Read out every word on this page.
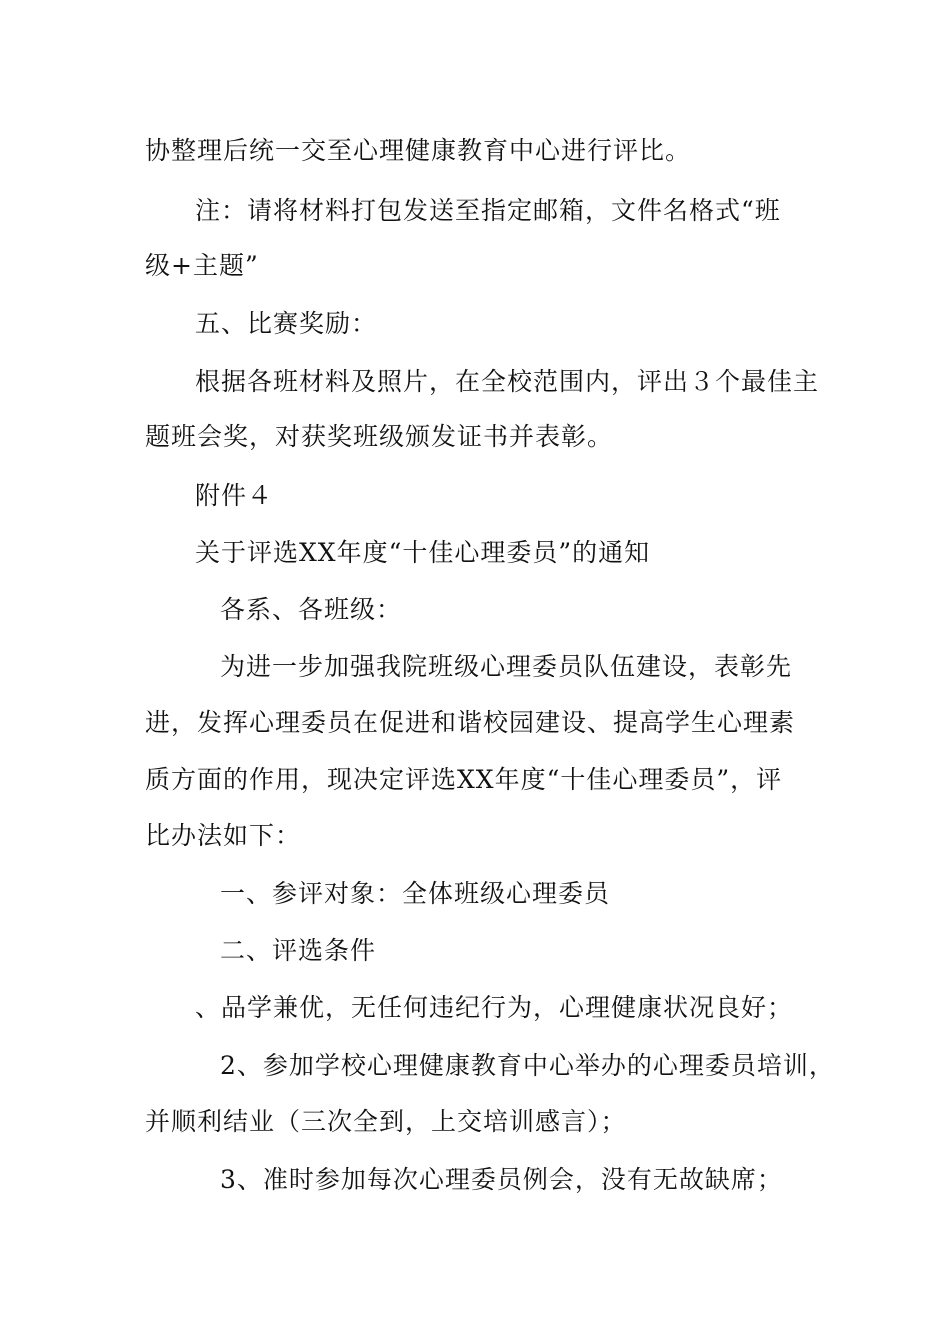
协整理后统一交至心理健康教育中心进行评比。
注：请将材料打包发送至指定邮箱，文件名格式“班
级+主题”
五、比赛奖励：
根据各班材料及照片，在全校范围内，评出３个最佳主
题班会奖，对获奖班级颁发证书并表彰。
附件４
关于评选XX年度“十佳心理委员”的通知
各系、各班级：
为进一步加强我院班级心理委员队伍建设，表彰先
进，发挥心理委员在促进和谐校园建设、提高学生心理素
质方面的作用，现决定评选XX年度“十佳心理委员”，评
比办法如下：
一、参评对象：全体班级心理委员
二、评选条件
、品学兼优，无任何违纪行为，心理健康状况良好；
2、参加学校心理健康教育中心举办的心理委员培训，
并顺利结业（三次全到，上交培训感言）；
3、准时参加每次心理委员例会，没有无故缺席；
